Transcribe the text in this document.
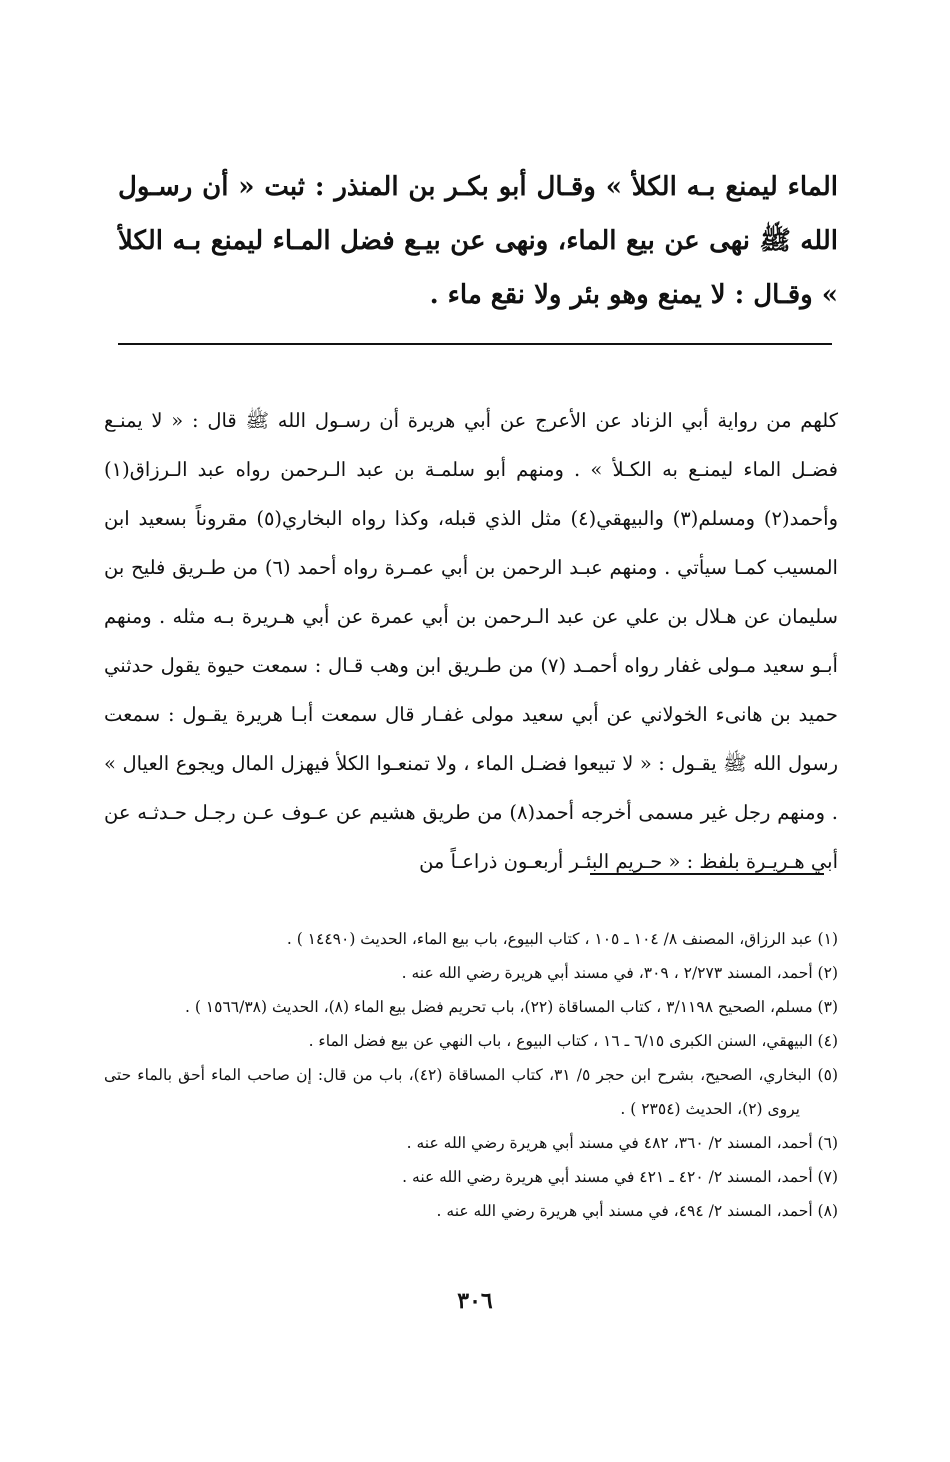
الماء ليمنع بـه الكلأ » وقـال أبو بكـر بن المنذر : ثبت « أن رسـول الله ﷺ نهى عن بيع الماء، ونهى عن بيـع فضل المـاء ليمنع بـه الكلأ » وقـال : لا يمنع وهو بئر ولا نقع ماء .

كلهم من رواية أبي الزناد عن الأعرج عن أبي هريرة أن رسـول الله ﷺ قال : « لا يمنـع فضـل الماء ليمنـع به الكـلأ » . ومنهم أبو سلمـة بن عبد الـرحمن رواه عبد الـرزاق(١) وأحمد(٢) ومسلم(٣) والبيهقي(٤) مثل الذي قبله، وكذا رواه البخاري(٥) مقروناً بسعيد ابن المسيب كمـا سيأتي . ومنهم عبـد الرحمن بن أبي عمـرة رواه أحمد (٦) من طـريق فليح بن سليمان عن هـلال بن علي عن عبد الـرحمن بن أبي عمرة عن أبي هـريرة بـه مثله . ومنهم أبـو سعيد مـولى غفار رواه أحمـد (٧) من طـريق ابن وهب قـال : سمعت حيوة يقول حدثني حميد بن هانىء الخولاني عن أبي سعيد مولى غفـار قال سمعت أبـا هريرة يقـول : سمعت رسول الله ﷺ يقـول : « لا تبيعوا فضـل الماء ، ولا تمنعـوا الكلأ فيهزل المال ويجوع العيال » . ومنهم رجل غير مسمى أخرجه أحمد(٨) من طريق هشيم عن عـوف عـن رجـل حـدثـه عن أبي هـريـرة بلفظ : « حـريم البئـر أربعـون ذراعـاً من

(١) عبد الرزاق، المصنف ٨/ ١٠٤ ـ ١٠٥ ، كتاب البيوع، باب بيع الماء، الحديث (١٤٤٩٠ ) .

(٢) أحمد، المسند ٢/٢٧٣ ، ٣٠٩، في مسند أبي هريرة رضي الله عنه .

(٣) مسلم، الصحيح ٣/١١٩٨ ، كتاب المساقاة (٢٢)، باب تحريم فضل بيع الماء (٨)، الحديث (١٥٦٦/٣٨ ) .

(٤) البيهقي، السنن الكبرى ٦/١٥ ـ ١٦ ، كتاب البيوع ، باب النهي عن بيع فضل الماء .

(٥) البخاري، الصحيح، بشرح ابن حجر ٥/ ٣١، كتاب المساقاة (٤٢)، باب من قال: إن صاحب الماء أحق بالماء حتى يروى (٢)، الحديث (٢٣٥٤ ) .

(٦) أحمد، المسند ٢/ ٣٦٠، ٤٨٢ في مسند أبي هريرة رضي الله عنه .

(٧) أحمد، المسند ٢/ ٤٢٠ ـ ٤٢١ في مسند أبي هريرة رضي الله عنه .

(٨) أحمد، المسند ٢/ ٤٩٤، في مسند أبي هريرة رضي الله عنه .

٣٠٦
